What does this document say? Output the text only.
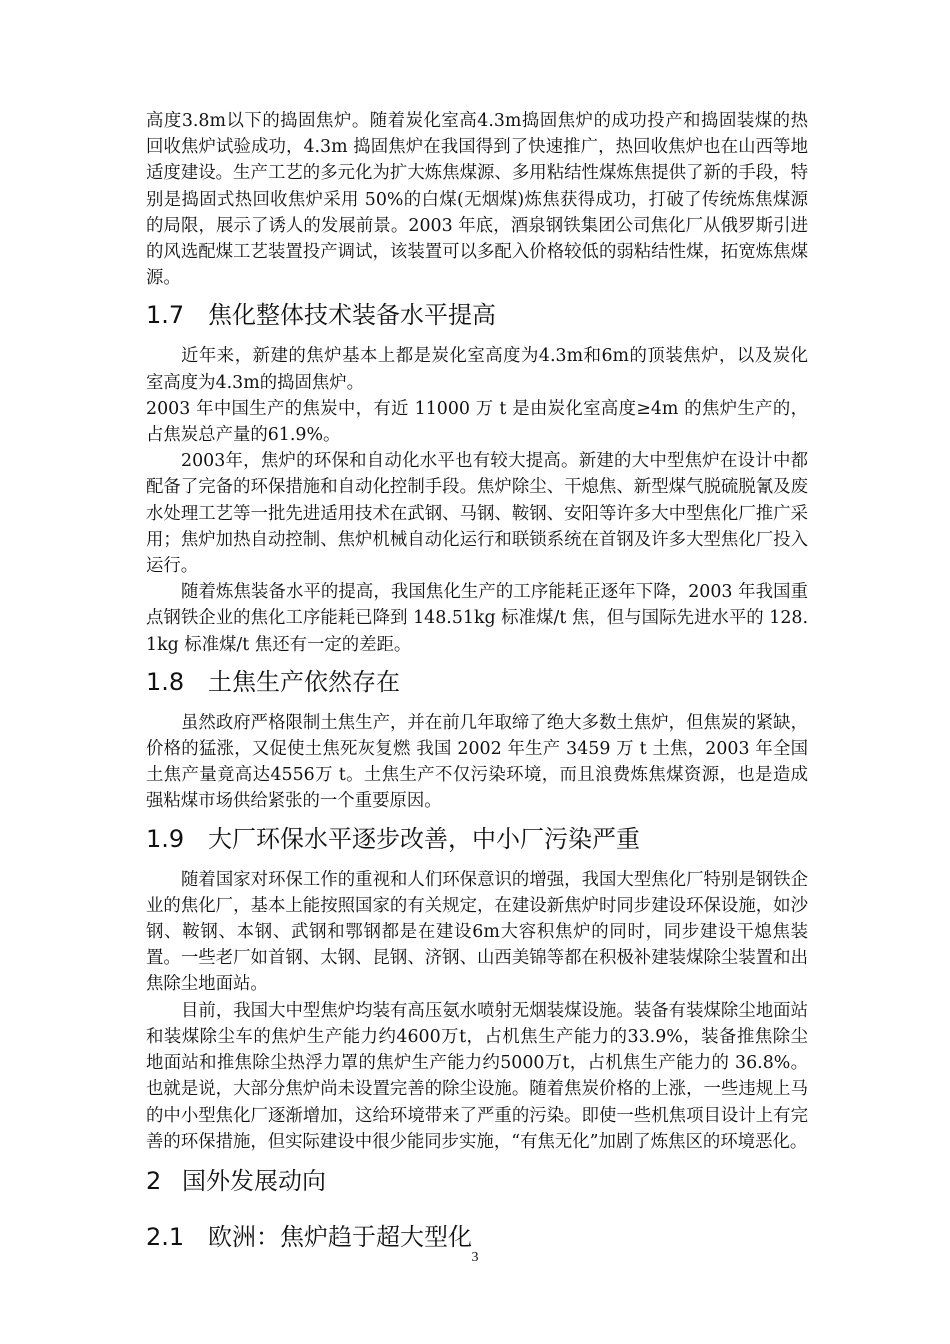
高度3.8m以下的捣固焦炉。随着炭化室高4.3m捣固焦炉的成功投产和捣固装煤的热回收焦炉试验成功，4.3m 捣固焦炉在我国得到了快速推广，热回收焦炉也在山西等地适度建设。生产工艺的多元化为扩大炼焦煤源、多用粘结性煤炼焦提供了新的手段，特别是捣固式热回收焦炉采用 50%的白煤(无烟煤)炼焦获得成功，打破了传统炼焦煤源的局限，展示了诱人的发展前景。2003 年底，酒泉钢铁集团公司焦化厂从俄罗斯引进的风选配煤工艺装置投产调试，该装置可以多配入价格较低的弱粘结性煤，拓宽炼焦煤源。

1.7 焦化整体技术装备水平提高

近年来，新建的焦炉基本上都是炭化室高度为4.3m和6m的顶装焦炉，以及炭化室高度为4.3m的捣固焦炉。

2003 年中国生产的焦炭中，有近 11000 万 t 是由炭化室高度≥4m 的焦炉生产的，占焦炭总产量的61.9%。

2003年，焦炉的环保和自动化水平也有较大提高。新建的大中型焦炉在设计中都配备了完备的环保措施和自动化控制手段。焦炉除尘、干熄焦、新型煤气脱硫脱氰及废水处理工艺等一批先进适用技术在武钢、马钢、鞍钢、安阳等许多大中型焦化厂推广采用；焦炉加热自动控制、焦炉机械自动化运行和联锁系统在首钢及许多大型焦化厂投入运行。

随着炼焦装备水平的提高，我国焦化生产的工序能耗正逐年下降，2003 年我国重点钢铁企业的焦化工序能耗已降到 148.51kg 标准煤/t 焦，但与国际先进水平的 128.1kg 标准煤/t 焦还有一定的差距。

1.8 土焦生产依然存在

虽然政府严格限制土焦生产，并在前几年取缔了绝大多数土焦炉，但焦炭的紧缺，价格的猛涨，又促使土焦死灰复燃 我国 2002 年生产 3459 万 t 土焦，2003 年全国土焦产量竟高达4556万 t。土焦生产不仅污染环境，而且浪费炼焦煤资源，也是造成强粘煤市场供给紧张的一个重要原因。

1.9 大厂环保水平逐步改善，中小厂污染严重

随着国家对环保工作的重视和人们环保意识的增强，我国大型焦化厂特别是钢铁企业的焦化厂，基本上能按照国家的有关规定，在建设新焦炉时同步建设环保设施，如沙钢、鞍钢、本钢、武钢和鄂钢都是在建设6m大容积焦炉的同时，同步建设干熄焦装置。一些老厂如首钢、太钢、昆钢、济钢、山西美锦等都在积极补建装煤除尘装置和出焦除尘地面站。

目前，我国大中型焦炉均装有高压氨水喷射无烟装煤设施。装备有装煤除尘地面站和装煤除尘车的焦炉生产能力约4600万t，占机焦生产能力的33.9%，装备推焦除尘地面站和推焦除尘热浮力罩的焦炉生产能力约5000万t，占机焦生产能力的 36.8%。也就是说，大部分焦炉尚未设置完善的除尘设施。随着焦炭价格的上涨，一些违规上马的中小型焦化厂逐渐增加，这给环境带来了严重的污染。即使一些机焦项目设计上有完善的环保措施，但实际建设中很少能同步实施，“有焦无化”加剧了炼焦区的环境恶化。

2 国外发展动向
2.1 欧洲：焦炉趋于超大型化
3
